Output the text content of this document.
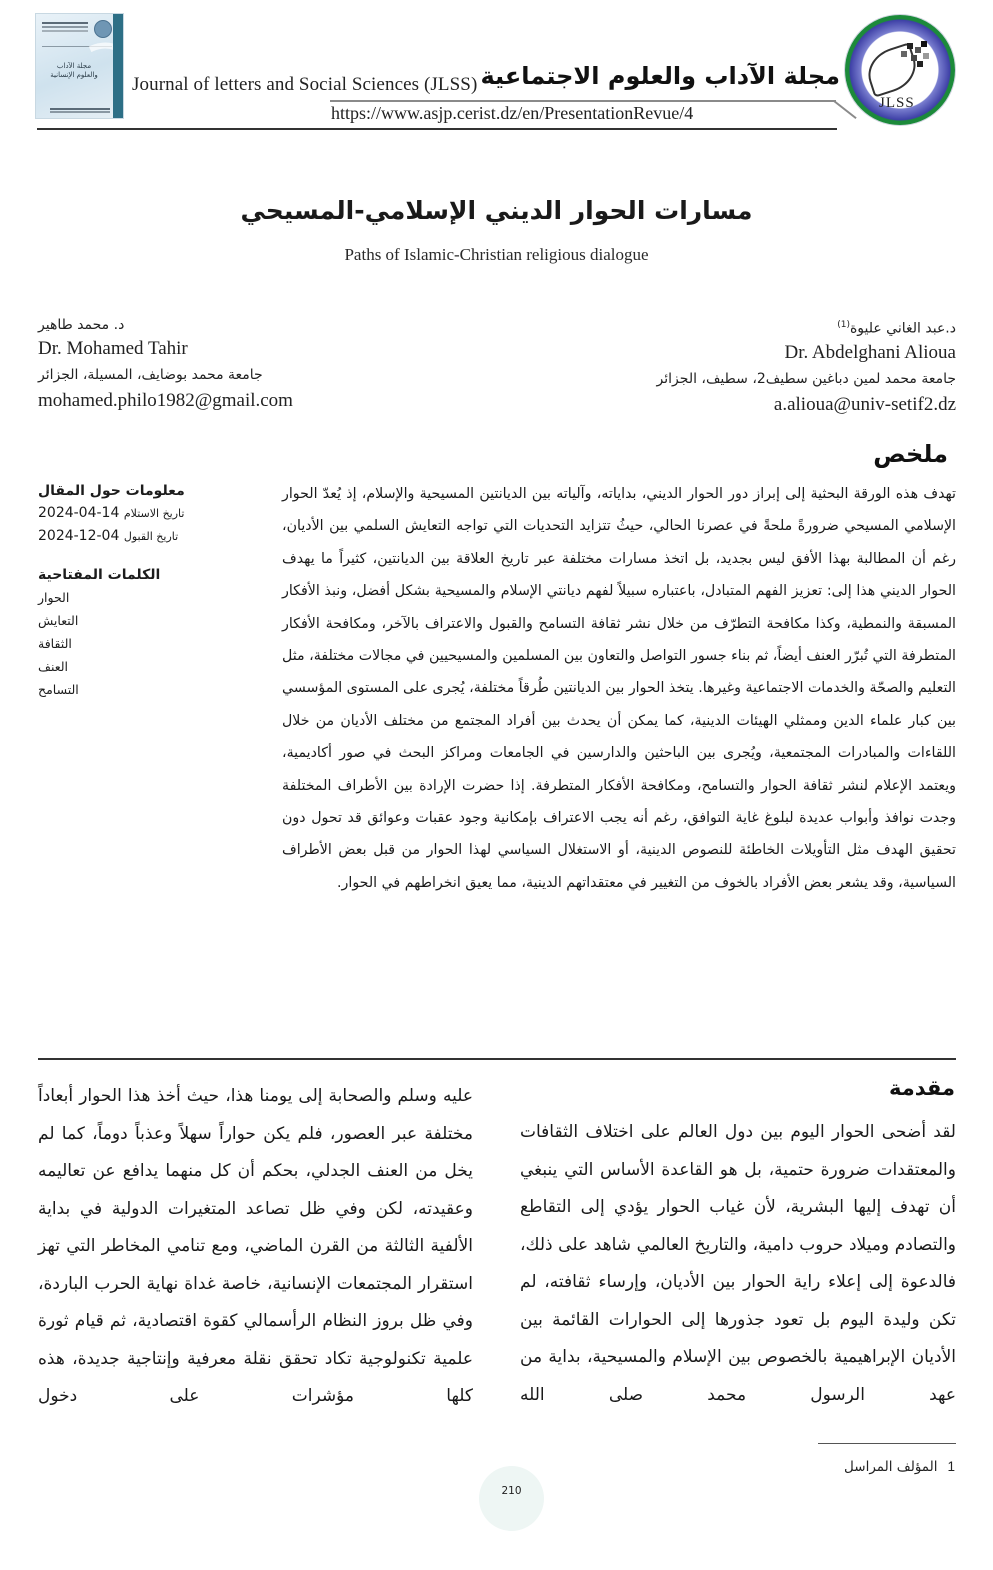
مجلة الآداب والعلوم الإنسانية Journal of letters and Social Sciences (JLSS) مجلة الآداب والعلوم الاجتماعية
https://www.asjp.cerist.dz/en/PresentationRevue/4	JLSS
مسارات الحوار الديني الإسلامي-المسيحي
Paths of Islamic-Christian religious dialogue
د.عبد الغاني عليوة$^{(1)}$
Dr. Abdelghani Alioua
جامعة محمد لمين دباغين سطيف2، سطيف، الجزائر
a.alioua@univ-setif2.dz
د. محمد طاهير
Dr. Mohamed Tahir
جامعة محمد بوضايف، المسيلة، الجزائر
mohamed.philo1982@gmail.com
ملخص
تهدف هذه الورقة البحثية إلى إبراز دور الحوار الديني، بداياته، وآلياته بين الديانتين المسيحية والإسلام، إذ يُعدّ الحوار الإسلامي المسيحي ضرورةً ملحةً في عصرنا الحالي، حيثُ تتزايد التحديات التي تواجه التعايش السلمي بين الأديان، رغم أن المطالبة بهذا الأفق ليس بجديد، بل اتخذ مسارات مختلفة عبر تاريخ العلاقة بين الديانتين، كثيراً ما يهدف الحوار الديني هذا إلى: تعزيز الفهم المتبادل، باعتباره سبيلاً لفهم ديانتي الإسلام والمسيحية بشكل أفضل، ونبذ الأفكار المسبقة والنمطية، وكذا مكافحة التطرّف من خلال نشر ثقافة التسامح والقبول والاعتراف بالآخر، ومكافحة الأفكار المتطرفة التي تُبرّر العنف أيضاً، ثم بناء جسور التواصل والتعاون بين المسلمين والمسيحيين في مجالات مختلفة، مثل التعليم والصحّة والخدمات الاجتماعية وغيرها. يتخذ الحوار بين الديانتين طُرقاً مختلفة، يُجرى على المستوى المؤسسي بين كبار علماء الدين وممثلي الهيئات الدينية، كما يمكن أن يحدث بين أفراد المجتمع من مختلف الأديان من خلال اللقاءات والمبادرات المجتمعية، ويُجرى بين الباحثين والدارسين في الجامعات ومراكز البحث في صور أكاديمية، ويعتمد الإعلام لنشر ثقافة الحوار والتسامح، ومكافحة الأفكار المتطرفة. إذا حضرت الإرادة بين الأطراف المختلفة وجدت نوافذ وأبواب عديدة لبلوغ غاية التوافق، رغم أنه يجب الاعتراف بإمكانية وجود عقبات وعوائق قد تحول دون تحقيق الهدف مثل التأويلات الخاطئة للنصوص الدينية، أو الاستغلال السياسي لهذا الحوار من قبل بعض الأطراف السياسية، وقد يشعر بعض الأفراد بالخوف من التغيير في معتقداتهم الدينية، مما يعيق انخراطهم في الحوار.
معلومات حول المقال
2024-04-14 تاريخ الاستلام
2024-12-04 تاريخ القبول
الكلمات المفتاحية
الحوار
التعايش
الثقافة
العنف
التسامح
مقدمة
لقد أضحى الحوار اليوم بين دول العالم على اختلاف الثقافات والمعتقدات ضرورة حتمية، بل هو القاعدة الأساس التي ينبغي أن تهدف إليها البشرية، لأن غياب الحوار يؤدي إلى التقاطع والتصادم وميلاد حروب دامية، والتاريخ العالمي شاهد على ذلك، فالدعوة إلى إعلاء راية الحوار بين الأديان، وإرساء ثقافته، لم تكن وليدة اليوم بل تعود جذورها إلى الحوارات القائمة بين الأديان الإبراهيمية بالخصوص بين الإسلام والمسيحية، بداية من عهد الرسول محمد صلى الله
عليه وسلم والصحابة إلى يومنا هذا، حيث أخذ هذا الحوار أبعاداً مختلفة عبر العصور، فلم يكن حواراً سهلاً وعذباً دوماً، كما لم يخل من العنف الجدلي، بحكم أن كل منهما يدافع عن تعاليمه وعقيدته، لكن وفي ظل تصاعد المتغيرات الدولية في بداية الألفية الثالثة من القرن الماضي، ومع تنامي المخاطر التي تهز استقرار المجتمعات الإنسانية، خاصة غداة نهاية الحرب الباردة، وفي ظل بروز النظام الرأسمالي كقوة اقتصادية، ثم قيام ثورة علمية تكنولوجية تكاد تحقق نقلة معرفية وإنتاجية جديدة، هذه كلها مؤشرات على دخول
1المؤلف المراسل
210
